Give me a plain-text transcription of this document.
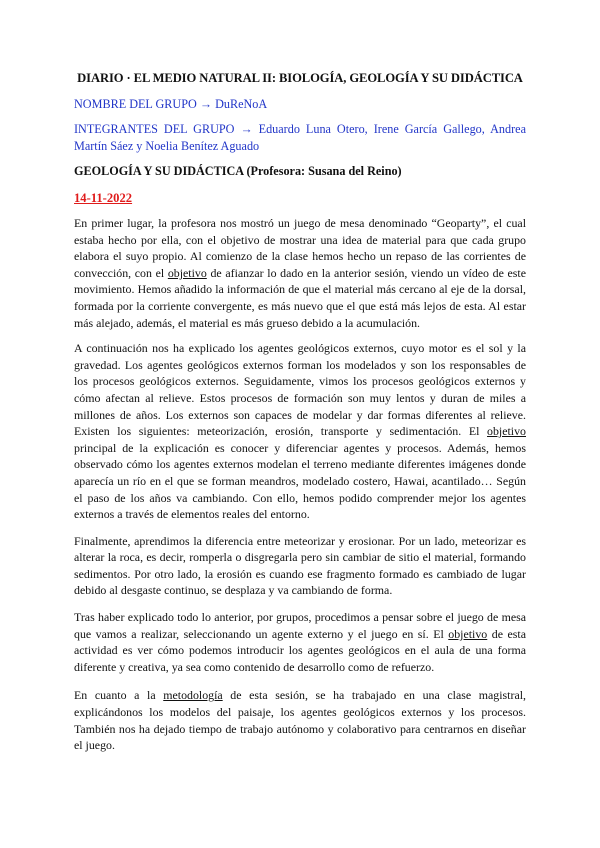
DIARIO · EL MEDIO NATURAL II: BIOLOGÍA, GEOLOGÍA Y SU DIDÁCTICA
NOMBRE DEL GRUPO → DuReNoA
INTEGRANTES DEL GRUPO → Eduardo Luna Otero, Irene García Gallego, Andrea Martín Sáez y Noelia Benítez Aguado
GEOLOGÍA Y SU DIDÁCTICA (Profesora: Susana del Reino)
14-11-2022

En primer lugar, la profesora nos mostró un juego de mesa denominado “Geoparty”, el cual estaba hecho por ella, con el objetivo de mostrar una idea de material para que cada grupo elabora el suyo propio. Al comienzo de la clase hemos hecho un repaso de las corrientes de convección, con el objetivo de afianzar lo dado en la anterior sesión, viendo un vídeo de este movimiento. Hemos añadido la información de que el material más cercano al eje de la dorsal, formada por la corriente convergente, es más nuevo que el que está más lejos de esta. Al estar más alejado, además, el material es más grueso debido a la acumulación.

A continuación nos ha explicado los agentes geológicos externos, cuyo motor es el sol y la gravedad. Los agentes geológicos externos forman los modelados y son los responsables de los procesos geológicos externos. Seguidamente, vimos los procesos geológicos externos y cómo afectan al relieve. Estos procesos de formación son muy lentos y duran de miles a millones de años. Los externos son capaces de modelar y dar formas diferentes al relieve. Existen los siguientes: meteorización, erosión, transporte y sedimentación. El objetivo principal de la explicación es conocer y diferenciar agentes y procesos. Además, hemos observado cómo los agentes externos modelan el terreno mediante diferentes imágenes donde aparecía un río en el que se forman meandros, modelado costero, Hawai, acantilado… Según el paso de los años va cambiando. Con ello, hemos podido comprender mejor los agentes externos a través de elementos reales del entorno.

Finalmente, aprendimos la diferencia entre meteorizar y erosionar. Por un lado, meteorizar es alterar la roca, es decir, romperla o disgregarla pero sin cambiar de sitio el material, formando sedimentos. Por otro lado, la erosión es cuando ese fragmento formado es cambiado de lugar debido al desgaste continuo, se desplaza y va cambiando de forma.

Tras haber explicado todo lo anterior, por grupos, procedimos a pensar sobre el juego de mesa que vamos a realizar, seleccionando un agente externo y el juego en sí. El objetivo de esta actividad es ver cómo podemos introducir los agentes geológicos en el aula de una forma diferente y creativa, ya sea como contenido de desarrollo como de refuerzo.

En cuanto a la metodología de esta sesión, se ha trabajado en una clase magistral, explicándonos los modelos del paisaje, los agentes geológicos externos y los procesos. También nos ha dejado tiempo de trabajo autónomo y colaborativo para centrarnos en diseñar el juego.
